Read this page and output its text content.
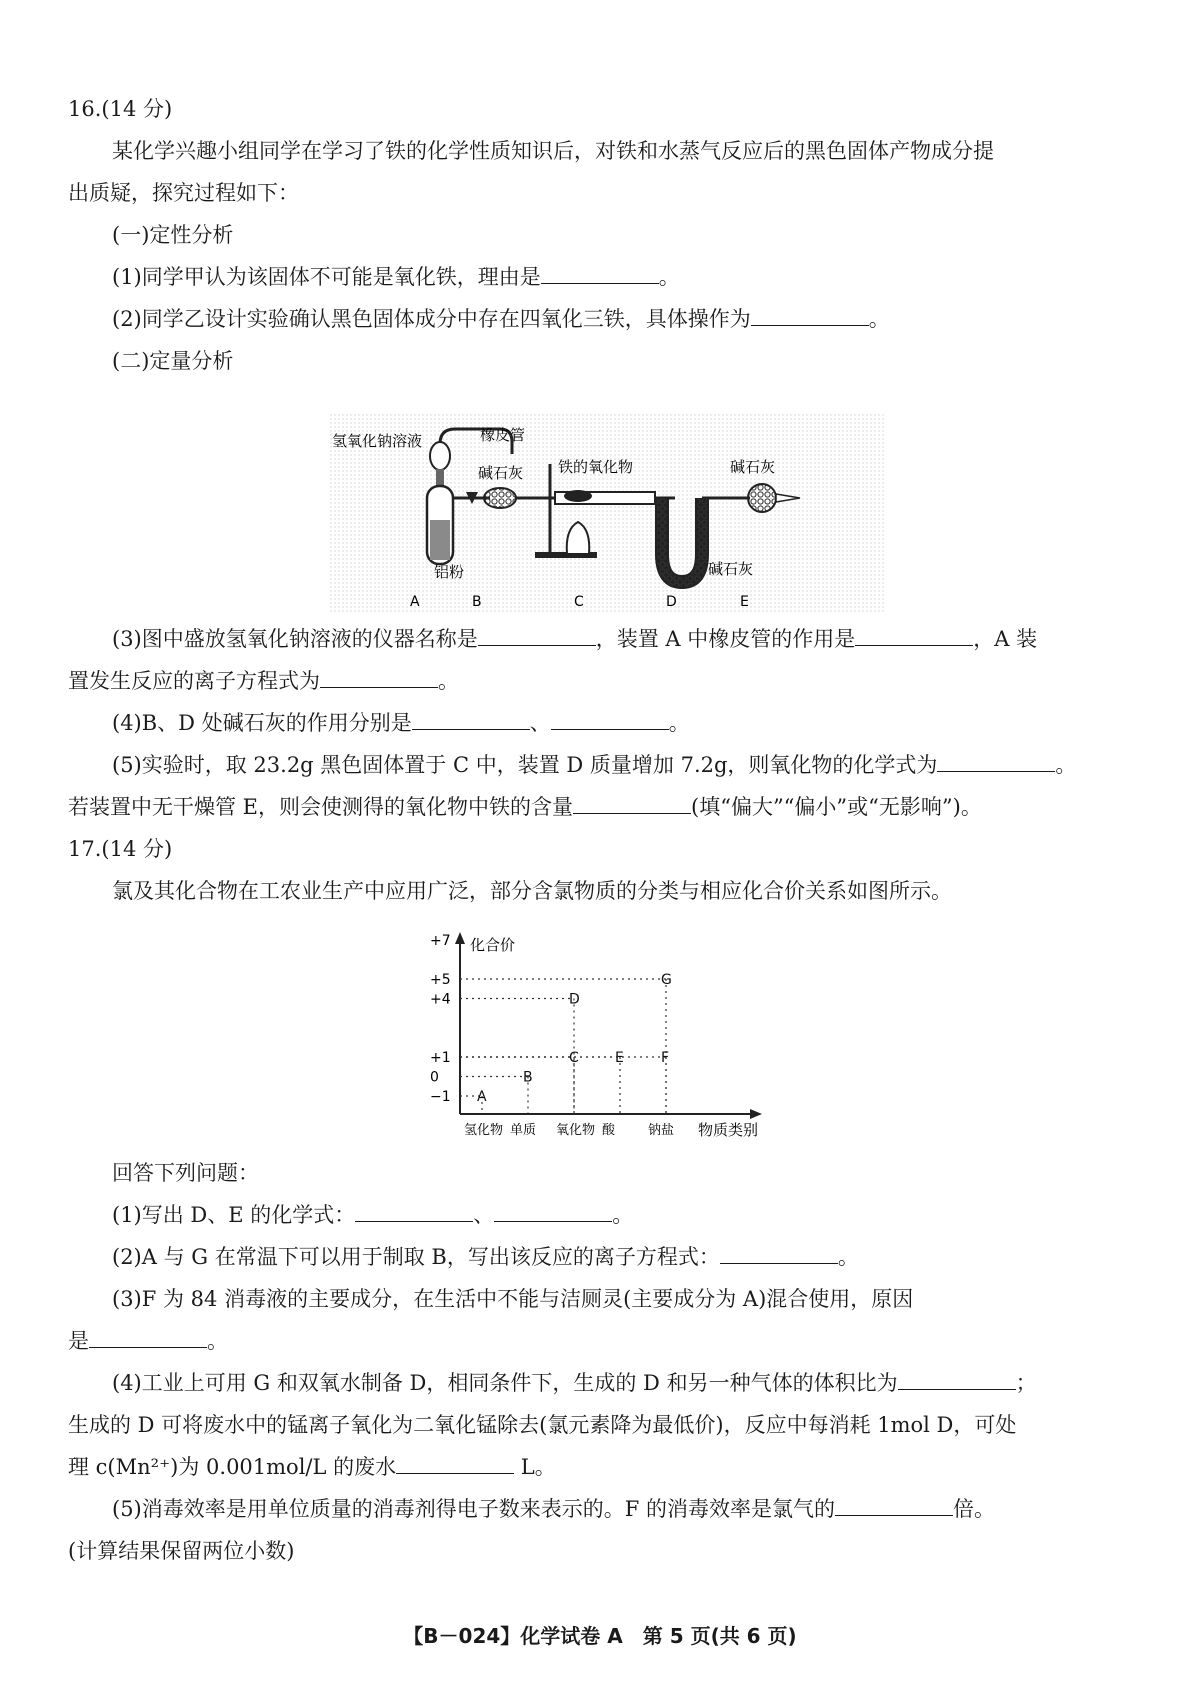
16.(14 分)
某化学兴趣小组同学在学习了铁的化学性质知识后，对铁和水蒸气反应后的黑色固体产物成分提
出质疑，探究过程如下：
(一)定性分析
(1)同学甲认为该固体不可能是氧化铁，理由是	。
(2)同学乙设计实验确认黑色固体成分中存在四氧化三铁，具体操作为	。
(二)定量分析
氢氧化钠溶液	橡皮管
碱石灰 铁的氧化物	碱石灰
铝粉	碱石灰
A	B	C	D	E
(3)图中盛放氢氧化钠溶液的仪器名称是	，装置 A 中橡皮管的作用是	，A 装
置发生反应的离子方程式为	。
(4)B、D 处碱石灰的作用分别是	、	。
(5)实验时，取 23.2g 黑色固体置于 C 中，装置 D 质量增加 7.2g，则氧化物的化学式为	。
若装置中无干燥管 E，则会使测得的氧化物中铁的含量	(填“偏大”“偏小”或“无影响”)。
17.(14 分)
氯及其化合物在工农业生产中应用广泛，部分含氯物质的分类与相应化合价关系如图所示。
化合价
物质类别
+7
+5
+4
+1
0
−1
氢化物 单质 氧化物 酸	钠盐
A
B
C
D
E	F
G
回答下列问题：
(1)写出 D、E 的化学式：	、	。
(2)A 与 G 在常温下可以用于制取 B，写出该反应的离子方程式：	。
(3)F 为 84 消毒液的主要成分，在生活中不能与洁厕灵(主要成分为 A)混合使用，原因
是	。
(4)工业上可用 G 和双氧水制备 D，相同条件下，生成的 D 和另一种气体的体积比为	；
生成的 D 可将废水中的锰离子氧化为二氧化锰除去(氯元素降为最低价)，反应中每消耗 1mol D，可处
理 c(Mn²⁺)为 0.001mol/L 的废水	L。
(5)消毒效率是用单位质量的消毒剂得电子数来表示的。F 的消毒效率是氯气的	倍。
(计算结果保留两位小数)
【B－024】化学试卷 A　第 5 页(共 6 页)
